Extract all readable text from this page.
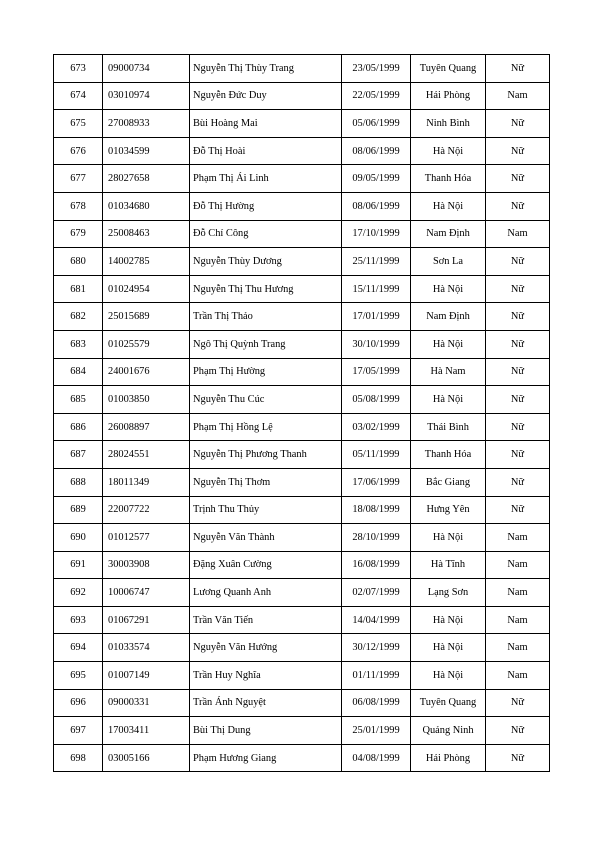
673	09000734	Nguyễn Thị Thùy Trang	23/05/1999	Tuyên Quang	Nữ
674	03010974	Nguyễn Đức Duy	22/05/1999	Hải Phòng	Nam
675	27008933	Bùi Hoàng Mai	05/06/1999	Ninh Bình	Nữ
676	01034599	Đỗ Thị Hoài	08/06/1999	Hà Nội	Nữ
677	28027658	Phạm Thị Ái Linh	09/05/1999	Thanh Hóa	Nữ
678	01034680	Đỗ Thị Hường	08/06/1999	Hà Nội	Nữ
679	25008463	Đỗ Chí Công	17/10/1999	Nam Định	Nam
680	14002785	Nguyễn Thùy Dương	25/11/1999	Sơn La	Nữ
681	01024954	Nguyễn Thị Thu Hương	15/11/1999	Hà Nội	Nữ
682	25015689	Trần Thị Thảo	17/01/1999	Nam Định	Nữ
683	01025579	Ngô Thị Quỳnh Trang	30/10/1999	Hà Nội	Nữ
684	24001676	Phạm Thị Hường	17/05/1999	Hà Nam	Nữ
685	01003850	Nguyễn Thu Cúc	05/08/1999	Hà Nội	Nữ
686	26008897	Phạm Thị Hồng Lệ	03/02/1999	Thái Bình	Nữ
687	28024551	Nguyễn Thị Phương Thanh	05/11/1999	Thanh Hóa	Nữ
688	18011349	Nguyễn Thị Thơm	17/06/1999	Bắc Giang	Nữ
689	22007722	Trịnh Thu Thủy	18/08/1999	Hưng Yên	Nữ
690	01012577	Nguyễn Văn Thành	28/10/1999	Hà Nội	Nam
691	30003908	Đặng Xuân Cường	16/08/1999	Hà Tĩnh	Nam
692	10006747	Lương Quanh Anh	02/07/1999	Lạng Sơn	Nam
693	01067291	Trần Văn Tiến	14/04/1999	Hà Nội	Nam
694	01033574	Nguyễn Văn Hướng	30/12/1999	Hà Nội	Nam
695	01007149	Trần Huy Nghĩa	01/11/1999	Hà Nội	Nam
696	09000331	Trần Ánh Nguyệt	06/08/1999	Tuyên Quang	Nữ
697	17003411	Bùi Thị Dung	25/01/1999	Quảng Ninh	Nữ
698	03005166	Phạm Hương Giang	04/08/1999	Hải Phòng	Nữ
